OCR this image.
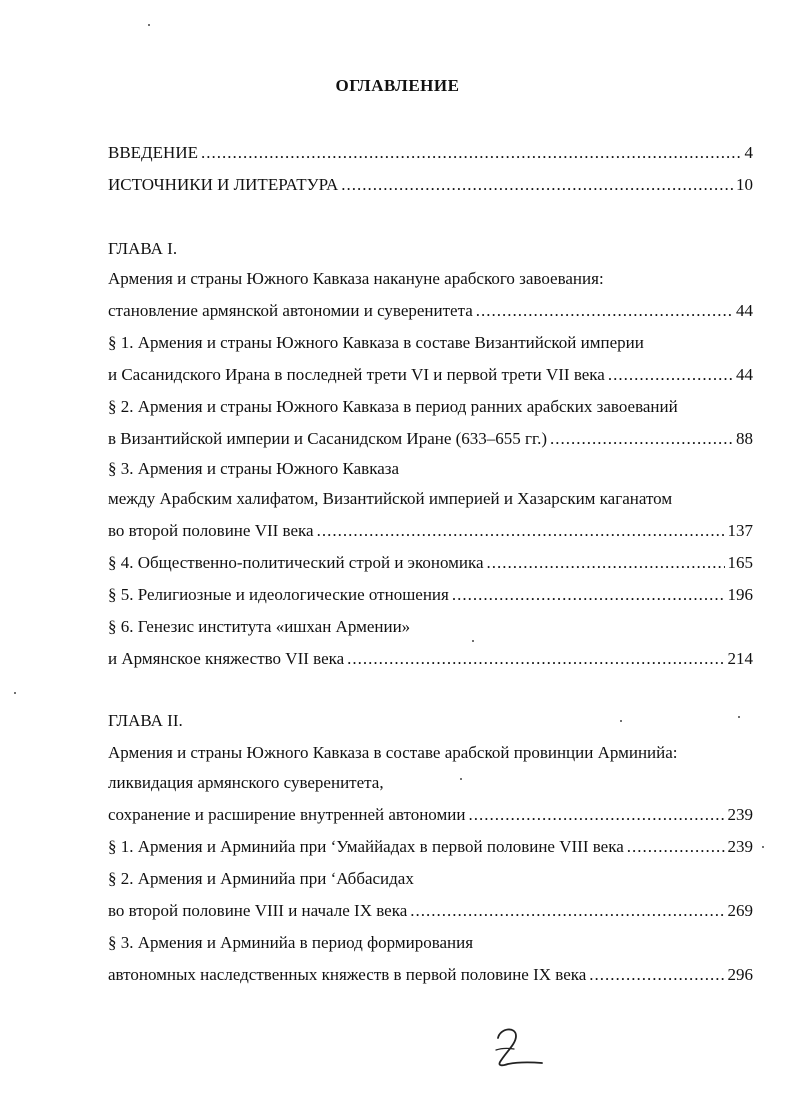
ОГЛАВЛЕНИЕ
ВВЕДЕНИЕ .....	4
ИСТОЧНИКИ И ЛИТЕРАТУРА .....	10
ГЛАВА I.
Армения и страны Южного Кавказа накануне арабского завоевания:
становление армянской автономии и суверенитета .....	44
§ 1. Армения и страны Южного Кавказа в составе Византийской империи
и Сасанидского Ирана в последней трети VI и первой трети VII века .....	44
§ 2. Армения и страны Южного Кавказа в период ранних арабских завоеваний
в Византийской империи и Сасанидском Иране (633–655 гг.) .....	88
§ 3. Армения и страны Южного Кавказа
между Арабским халифатом, Византийской империей и Хазарским каганатом
во второй половине VII века .....	137
§ 4. Общественно-политический строй и экономика .....	165
§ 5. Религиозные и идеологические отношения .....	196
§ 6. Генезис института «ишхан Армении»
и Армянское княжество VII века .....	214
ГЛАВА II.
Армения и страны Южного Кавказа в составе арабской провинции Арминийа:
ликвидация армянского суверенитета,
сохранение и расширение внутренней автономии .....	239
§ 1. Армения и Арминийа при ‘Умаййадах в первой половине VIII века .....	239
§ 2. Армения и Арминийа при ‘Аббасидах
во второй половине VIII и начале IX века .....	269
§ 3. Армения и Арминийа в период формирования
автономных наследственных княжеств в первой половине IX века .....	296
